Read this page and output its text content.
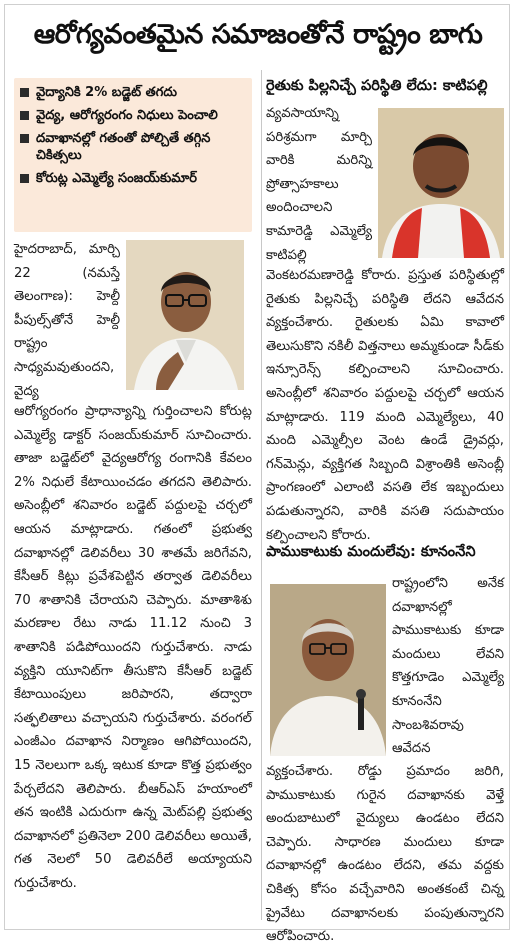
ఆరోగ్యవంతమైన సమాజంతోనే రాష్ట్రం బాగు
వైద్యానికి 2% బడ్జెట్ తగదు
వైద్య, ఆరోగ్యరంగం నిధులు పెంచాలి
దవాఖానల్లో గతంతో పోల్చితే తగ్గిన చికిత్సలు
కోరుట్ల ఎమ్మెల్యే సంజయ్‌కుమార్

హైదరాబాద్, మార్చి 22 (నమస్తే తెలంగాణ): హెల్దీ పీపుల్స్‌తోనే హెల్దీ రాష్ట్రం సాధ్యమవుతుందని, వైద్య

ఆరోగ్యరంగం ప్రాధాన్యాన్ని గుర్తించాలని కోరుట్ల ఎమ్మెల్యే డాక్టర్ సంజయ్‌కుమార్ సూచించారు. తాజా బడ్జెట్‌లో వైద్యఆరోగ్య రంగానికి కేవలం 2% నిధులే కేటాయించడం తగదని తెలిపారు. అసెంబ్లీలో శనివారం బడ్జెట్ పద్దులపై చర్చలో ఆయన మాట్లాడారు. గతంలో ప్రభుత్వ దవాఖానల్లో డెలివరీలు 30 శాతమే జరిగేవని, కేసీఆర్ కిట్లు ప్రవేశపెట్టిన తర్వాత డెలివరీలు 70 శాతానికి చేరాయని చెప్పారు. మాతాశిశు మరణాల రేటు నాడు 11.12 నుంచి 3 శాతానికి పడిపోయిందని గుర్తుచేశారు. నాడు వ్యక్తిని యూనిట్‌గా తీసుకొని కేసీఆర్ బడ్జెట్ కేటాయింపులు జరిపారని, తద్వారా సత్ఫలితాలు వచ్చాయని గుర్తుచేశారు. వరంగల్ ఎంజీఎం దవాఖాన నిర్మాణం ఆగిపోయిందని, 15 నెలలుగా ఒక్క ఇటుక కూడా కొత్త ప్రభుత్వం పేర్చలేదని తెలిపారు. బీఆర్‌ఎస్ హయాంలో తన ఇంటికి ఎదురుగా ఉన్న మెట్‌పల్లి ప్రభుత్వ దవాఖానలో ప్రతినెలా 200 డెలివరీలు అయితే, గత నెలలో 50 డెలివరీలే అయ్యాయని గుర్తుచేశారు.

రైతుకు పిల్లనిచ్చే పరిస్థితి లేదు: కాటిపల్లి

వ్యవసాయాన్ని పరిశ్రమగా మార్చి వారికి మరిన్ని ప్రోత్సాహకాలు అందించాలని కామారెడ్డి ఎమ్మెల్యే కాటిపల్లి

వెంకటరమణారెడ్డి కోరారు. ప్రస్తుత పరిస్థితుల్లో రైతుకు పిల్లనిచ్చే పరిస్థితి లేదని ఆవేదన వ్యక్తంచేశారు. రైతులకు ఏమి కావాలో తెలుసుకొని నకిలీ విత్తనాలు అమ్మకుండా సీడ్‌కు ఇన్సూరెన్స్ కల్పించాలని సూచించారు. అసెంబ్లీలో శనివారం పద్దులపై చర్చలో ఆయన మాట్లాడారు. 119 మంది ఎమ్మెల్యేలు, 40 మంది ఎమ్మెల్సీల వెంట ఉండే డ్రైవర్లు, గన్‌మెన్లు, వ్యక్తిగత సిబ్బంది విశ్రాంతికి అసెంబ్లీ ప్రాంగణంలో ఎలాంటి వసతి లేక ఇబ్బందులు పడుతున్నారని, వారికి వసతి సదుపాయం కల్పించాలని కోరారు.

పాముకాటుకు మందులేవు: కూనంనేని

రాష్ట్రంలోని అనేక దవాఖానల్లో పాముకాటుకు కూడా మందులు లేవని కొత్తగూడెం ఎమ్మెల్యే కూనంనేని సాంబశివరావు ఆవేదన

వ్యక్తంచేశారు. రోడ్డు ప్రమాదం జరిగి, పాముకాటుకు గురైన దవాఖానకు వెళ్తే అందుబాటులో వైద్యులు ఉండటం లేదని చెప్పారు. సాధారణ మందులు కూడా దవాఖానల్లో ఉండటం లేదని, తమ వద్దకు చికిత్స కోసం వచ్చేవారిని అంతకంటే చిన్న ప్రైవేటు దవాఖానలకు పంపుతున్నారని ఆరోపించారు.
